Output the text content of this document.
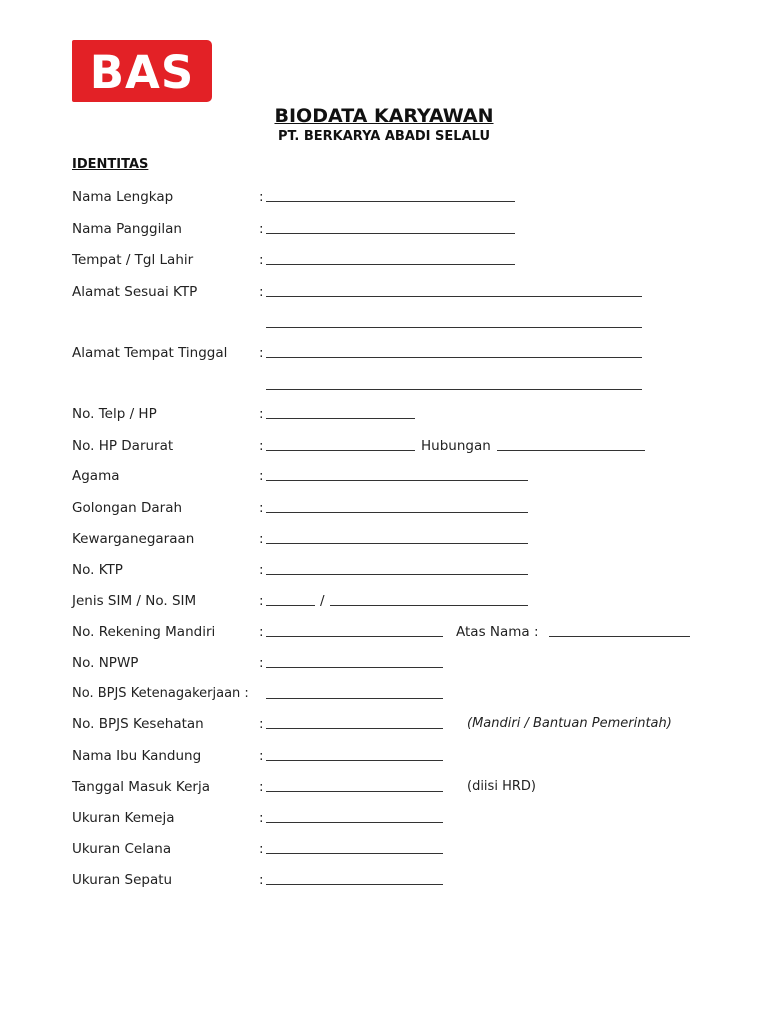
BAS
BIODATA KARYAWAN
PT. BERKARYA ABADI SELALU
IDENTITAS
Nama Lengkap	:
Nama Panggilan	:
Tempat / Tgl Lahir	:
Alamat Sesuai KTP	:
Alamat Tempat Tinggal :
No. Telp / HP	:
No. HP Darurat	:	Hubungan
Agama	:
Golongan Darah	:
Kewarganegaraan	:
No. KTP	:
Jenis SIM / No. SIM	:	/
No. Rekening Mandiri	:	Atas Nama :
No. NPWP	:
No. BPJS Ketenagakerjaan :
No. BPJS Kesehatan	:	(Mandiri / Bantuan Pemerintah)
Nama Ibu Kandung	:
Tanggal Masuk Kerja	:	(diisi HRD)
Ukuran Kemeja	:
Ukuran Celana	:
Ukuran Sepatu	:
